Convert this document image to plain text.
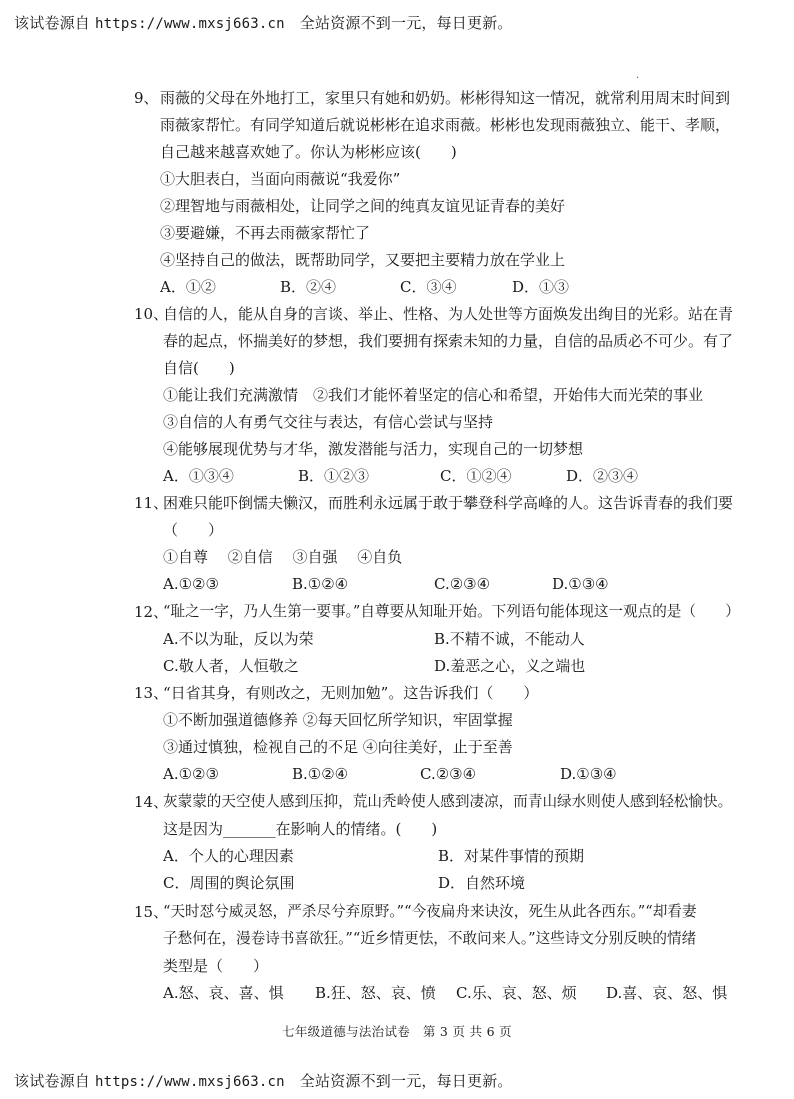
该试卷源自 https://www.mxsj663.cn 全站资源不到一元，每日更新。
.
9、 雨薇的父母在外地打工，家里只有她和奶奶。彬彬得知这一情况，就常利用周末时间到
雨薇家帮忙。有同学知道后就说彬彬在追求雨薇。彬彬也发现雨薇独立、能干、孝顺，
自己越来越喜欢她了。你认为彬彬应该(　　)
①大胆表白，当面向雨薇说“我爱你”
②理智地与雨薇相处，让同学之间的纯真友谊见证青春的美好
③要避嫌，不再去雨薇家帮忙了
④坚持自己的做法，既帮助同学，又要把主要精力放在学业上
A．①②	B．②④	C．③④	D．①③
10、
自信的人，能从自身的言谈、举止、性格、为人处世等方面焕发出绚目的光彩。站在青
春的起点，怀揣美好的梦想，我们要拥有探索未知的力量，自信的品质必不可少。有了
自信(　　)
①能让我们充满激情　②我们才能怀着坚定的信心和希望，开始伟大而光荣的事业
③自信的人有勇气交往与表达，有信心尝试与坚持
④能够展现优势与才华，激发潜能与活力，实现自己的一切梦想
A．①③④	B．①②③	C．①②④	D．②③④
11、
困难只能吓倒懦夫懒汉，而胜利永远属于敢于攀登科学高峰的人。这告诉青春的我们要
（　　）
①自尊　 ②自信　 ③自强　 ④自负
A.①②③	B.①②④	C.②③④	D.①③④
12、
“耻之一字，乃人生第一要事。”自尊要从知耻开始。下列语句能体现这一观点的是（　　）
A.不以为耻，反以为荣	B.不精不诚，不能动人
C.敬人者，人恒敬之	D.羞恶之心，义之端也
13、
“日省其身，有则改之，无则加勉”。这告诉我们（　　）
①不断加强道德修养 ②每天回忆所学知识，牢固掌握
③通过慎独，检视自己的不足 ④向往美好，止于至善
A.①②③	B.①②④	C.②③④	D.①③④
14、
灰蒙蒙的天空使人感到压抑，荒山秃岭使人感到凄凉，而青山绿水则使人感到轻松愉快。
这是因为_______在影响人的情绪。(　　)
A．个人的心理因素	B．对某件事情的预期
C．周围的舆论氛围	D．自然环境
15、
“天时怼兮威灵怒，严杀尽兮弃原野。”“今夜扁舟来诀汝，死生从此各西东。”“却看妻
子愁何在，漫卷诗书喜欲狂。”“近乡情更怯，不敢问来人。”这些诗文分别反映的情绪
类型是（　　）
A.怒、哀、喜、惧 B.狂、怒、哀、愤 C.乐、哀、怒、烦 D.喜、哀、怒、惧
七年级道德与法治试卷　第 3 页 共 6 页
该试卷源自 https://www.mxsj663.cn 全站资源不到一元，每日更新。
